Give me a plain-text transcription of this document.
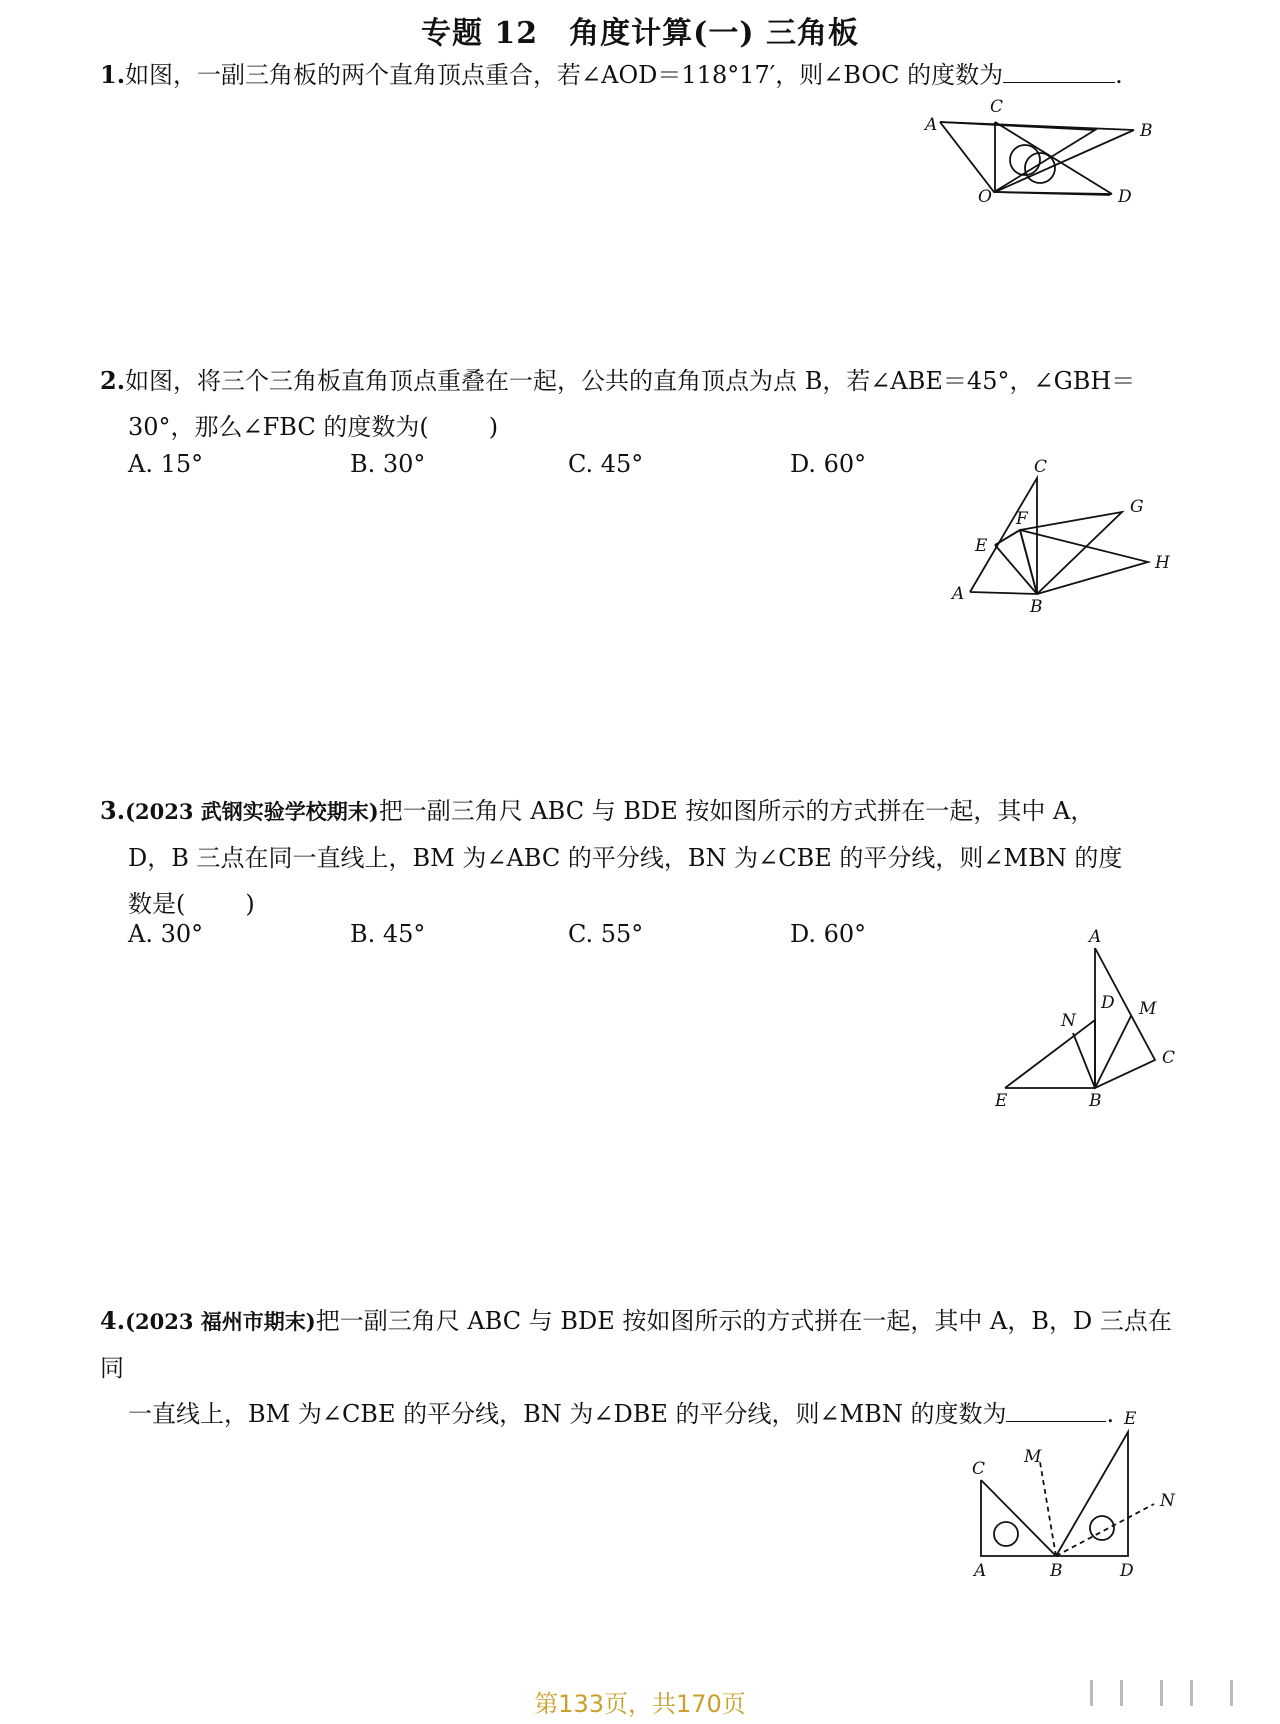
专题 12　角度计算(一) 三角板
1.如图，一副三角板的两个直角顶点重合，若∠AOD＝118°17′，则∠BOC 的度数为	.
A
C
B
O	D
2.如图，将三个三角板直角顶点重叠在一起，公共的直角顶点为点 B，若∠ABE＝45°，∠GBH＝
30°，那么∠FBC 的度数为(	)
A. 15°	B. 30°	C. 45°	D. 60°	C
F
G
E
H
A
B
3.(2023 武钢实验学校期末)把一副三角尺 ABC 与 BDE 按如图所示的方式拼在一起，其中 A，
D，B 三点在同一直线上，BM 为∠ABC 的平分线，BN 为∠CBE 的平分线，则∠MBN 的度
数是(	)
A. 30°	B. 45°	C. 55°	D. 60°	A
D
N
M
C
E	B
4.(2023 福州市期末)把一副三角尺 ABC 与 BDE 按如图所示的方式拼在一起，其中 A，B，D 三点在同
一直线上，BM 为∠CBE 的平分线，BN 为∠DBE 的平分线，则∠MBN 的度数为	. E
M
C
N
A	B	D
第133页，共170页
